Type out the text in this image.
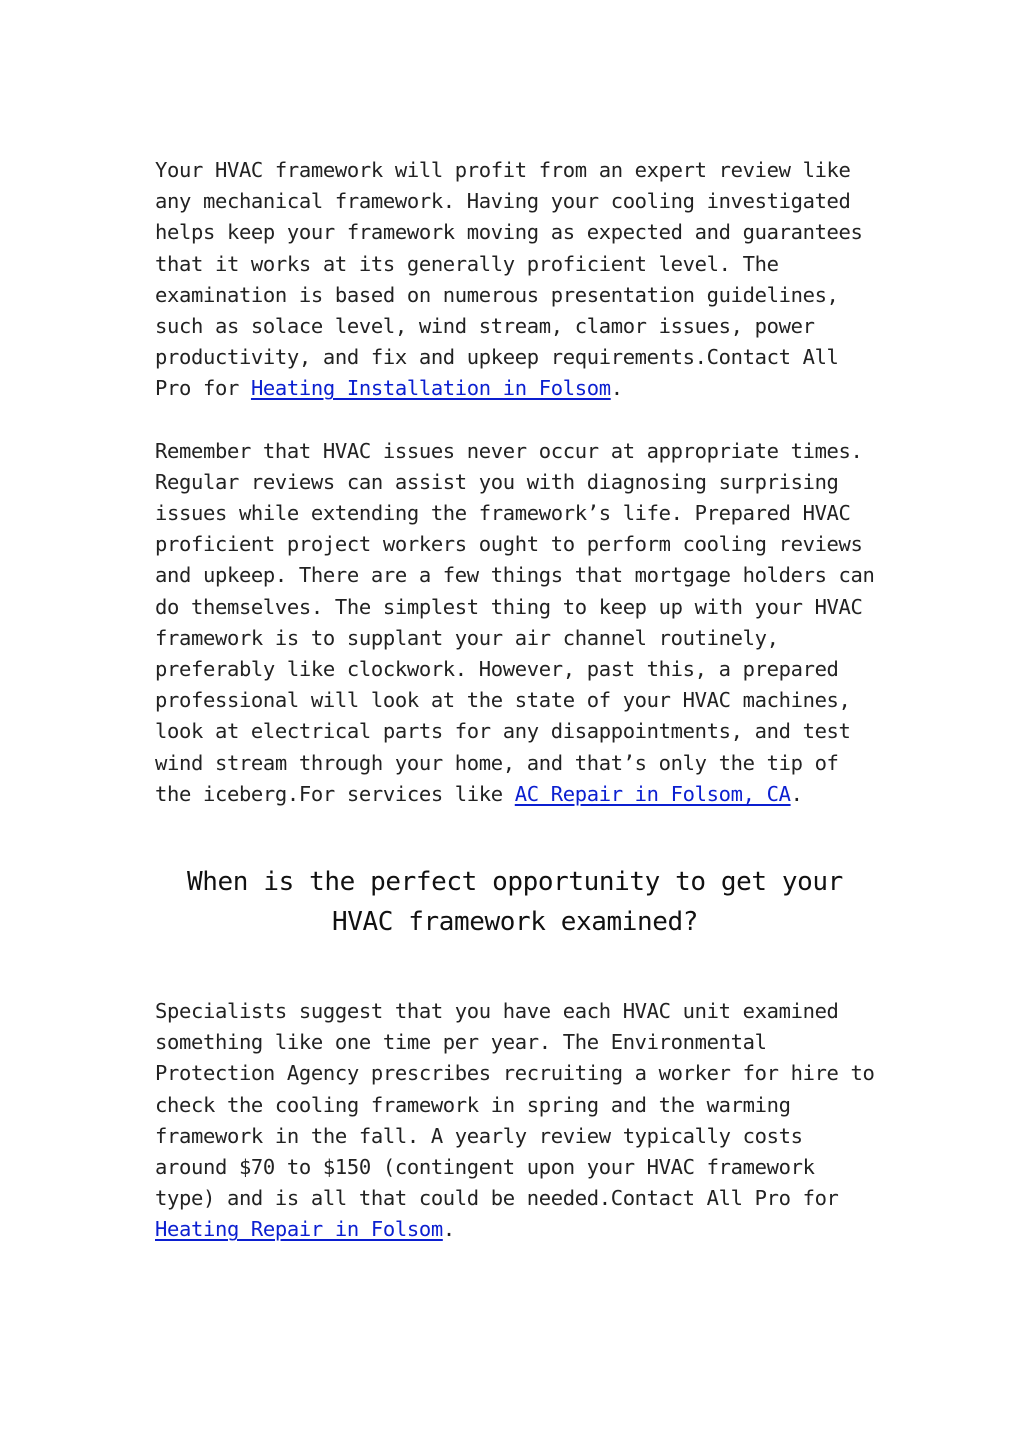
Your HVAC framework will profit from an expert review like any mechanical framework. Having your cooling investigated helps keep your framework moving as expected and guarantees that it works at its generally proficient level. The examination is based on numerous presentation guidelines, such as solace level, wind stream, clamor issues, power productivity, and fix and upkeep requirements.Contact All Pro for Heating Installation in Folsom.

Remember that HVAC issues never occur at appropriate times. Regular reviews can assist you with diagnosing surprising issues while extending the framework’s life. Prepared HVAC proficient project workers ought to perform cooling reviews and upkeep. There are a few things that mortgage holders can do themselves. The simplest thing to keep up with your HVAC framework is to supplant your air channel routinely, preferably like clockwork. However, past this, a prepared professional will look at the state of your HVAC machines, look at electrical parts for any disappointments, and test wind stream through your home, and that’s only the tip of the iceberg.For services like AC Repair in Folsom, CA.

When is the perfect opportunity to get your HVAC framework examined?

Specialists suggest that you have each HVAC unit examined something like one time per year. The Environmental Protection Agency prescribes recruiting a worker for hire to check the cooling framework in spring and the warming framework in the fall. A yearly review typically costs around $70 to $150 (contingent upon your HVAC framework type) and is all that could be needed.Contact All Pro for Heating Repair in Folsom.
